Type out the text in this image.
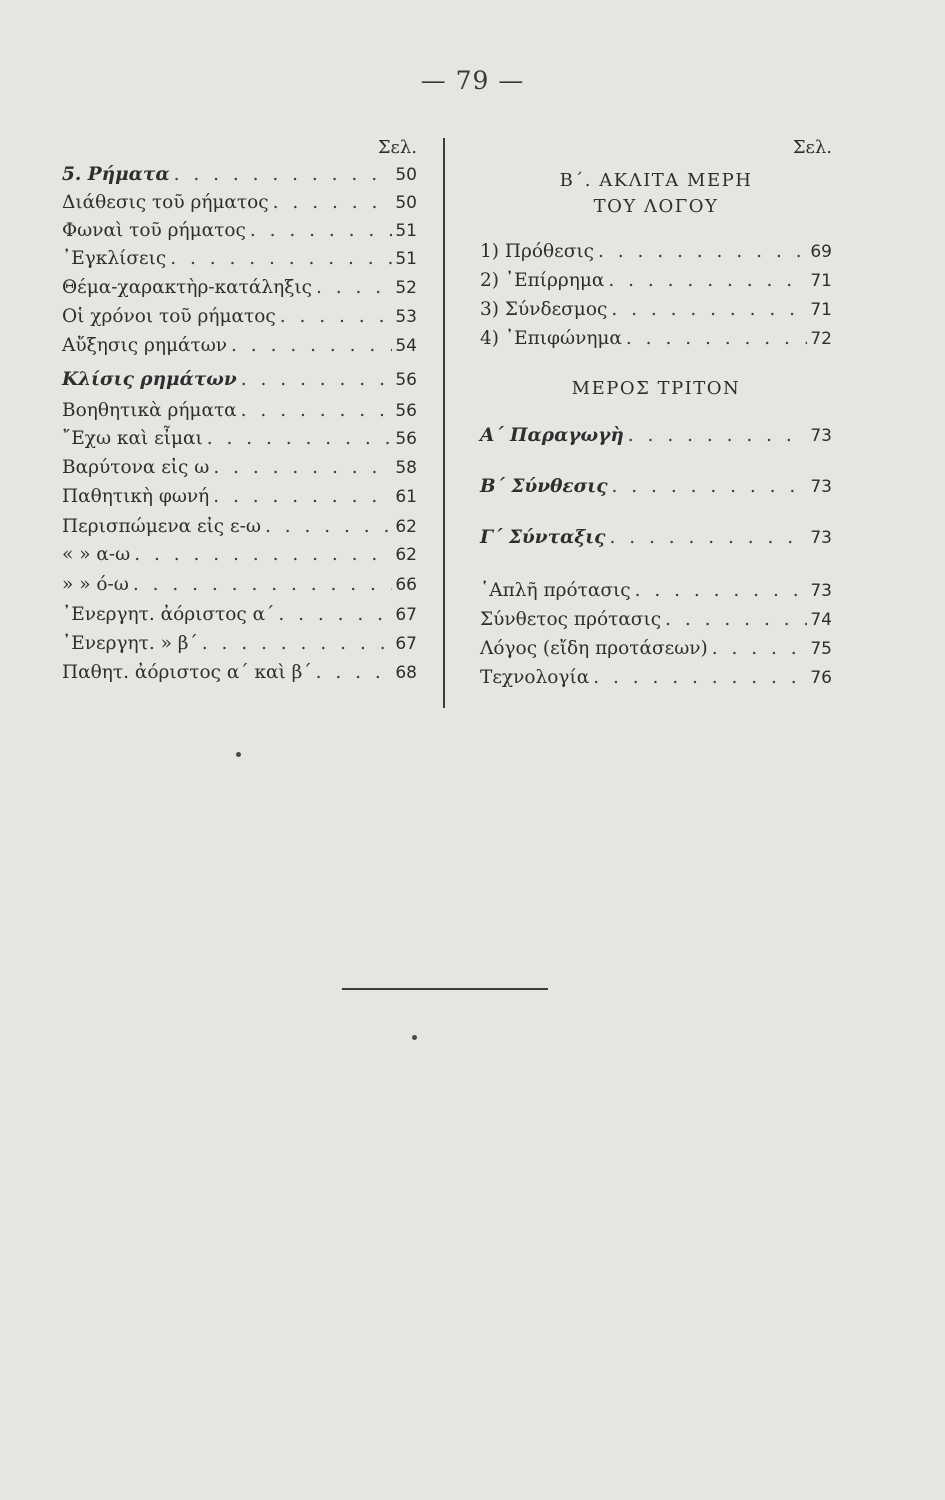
— 79 —
Σελ.
5. Ρήματα . . .	50
Διάθεσις τοῦ ρήματος . . .	50
Φωναὶ τοῦ ρήματος . . .	51
᾿Εγκλίσεις . . .	51
Θέμα-χαρακτὴρ-κατάληξις . . .	52
Οἱ χρόνοι τοῦ ρήματος . . .	53
Αὔξησις ρημάτων . . .	54
Κλίσις ρημάτων . . .	56
Βοηθητικὰ ρήματα . . .	56
῎Εχω καὶ εἶμαι . . .	56
Βαρύτονα εἰς ω . . .	58
Παθητικὴ φωνή . . .	61
Περισπώμενα εἰς ε-ω . . .	62
« » α-ω . . .	62
» » ό-ω . . .	66
᾿Ενεργητ. ἀόριστος α΄ . . .	67
᾿Ενεργητ. » β΄ . . .	67
Παθητ. ἀόριστος α΄ καὶ β΄ . . .	68
Σελ.
Β΄. ΑΚΛΙΤΑ ΜΕΡΗ
ΤΟΥ ΛΟΓΟΥ
ΜΕΡΟΣ ΤΡΙΤΟΝ
1) Πρόθεσις . . .	69
2) ᾿Επίρρημα . . .	71
3) Σύνδεσμος . . .	71
4) ᾿Επιφώνημα . . .	72
Α΄ Παραγωγὴ . . .	73
Β΄ Σύνθεσις . . .	73
Γ΄ Σύνταξις . . .	73
῾Απλῆ πρότασις . . .	73
Σύνθετος πρότασις . . .	74
Λόγος (εἴδη προτάσεων) . . .	75
Τεχνολογία . . .	76
